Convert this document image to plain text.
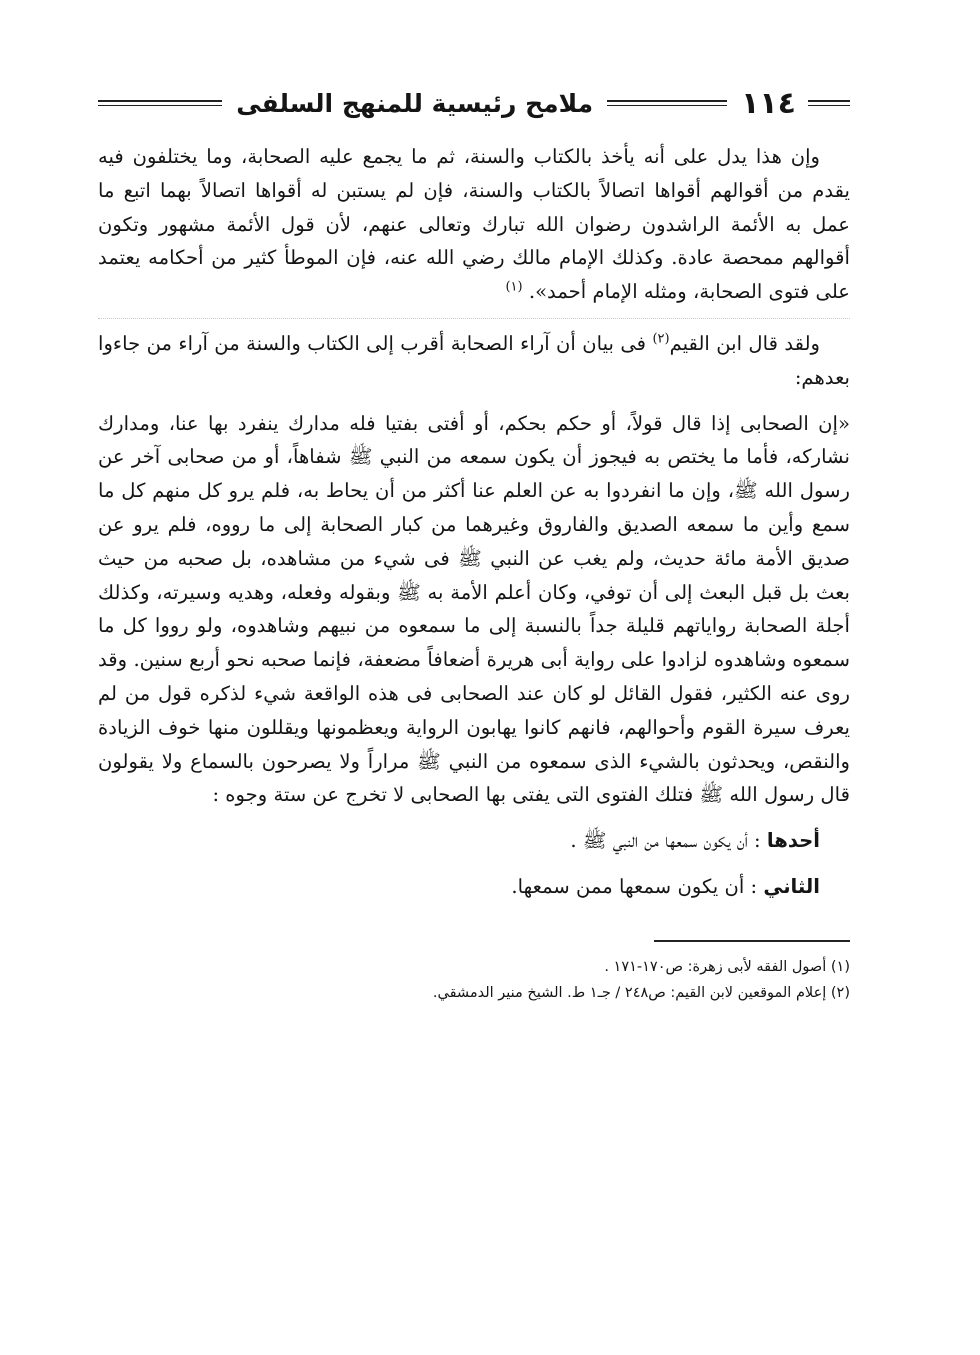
١١٤
ملامح رئيسية للمنهج السلفى

وإن هذا يدل على أنه يأخذ بالكتاب والسنة، ثم ما يجمع عليه الصحابة، وما يختلفون فيه يقدم من أقوالهم أقواها اتصالاً بالكتاب والسنة، فإن لم يستبن له أقواها اتصالاً بهما اتبع ما عمل به الأئمة الراشدون رضوان الله تبارك وتعالى عنهم، لأن قول الأئمة مشهور وتكون أقوالهم ممحصة عادة. وكذلك الإمام مالك رضي الله عنه، فإن الموطأ كثير من أحكامه يعتمد على فتوى الصحابة، ومثله الإمام أحمد». $^{(١)}$

ولقد قال ابن القيم$^{(٢)}$ فى بيان أن آراء الصحابة أقرب إلى الكتاب والسنة من آراء من جاءوا بعدهم:

«إن الصحابى إذا قال قولاً، أو حكم بحكم، أو أفتى بفتيا فله مدارك ينفرد بها عنا، ومدارك نشاركه، فأما ما يختص به فيجوز أن يكون سمعه من النبي ﷺ شفاهاً، أو من صحابى آخر عن رسول الله ﷺ، وإن ما انفردوا به عن العلم عنا أكثر من أن يحاط به، فلم يرو كل منهم كل ما سمع وأين ما سمعه الصديق والفاروق وغيرهما من كبار الصحابة إلى ما رووه، فلم يرو عن صديق الأمة مائة حديث، ولم يغب عن النبي ﷺ فى شيء من مشاهده، بل صحبه من حيث بعث بل قبل البعث إلى أن توفي، وكان أعلم الأمة به ﷺ وبقوله وفعله، وهديه وسيرته، وكذلك أجلة الصحابة رواياتهم قليلة جداً بالنسبة إلى ما سمعوه من نبيهم وشاهدوه، ولو رووا كل ما سمعوه وشاهدوه لزادوا على رواية أبى هريرة أضعافاً مضعفة، فإنما صحبه نحو أربع سنين. وقد روى عنه الكثير، فقول القائل لو كان عند الصحابى فى هذه الواقعة شيء لذكره قول من لم يعرف سيرة القوم وأحوالهم، فانهم كانوا يهابون الرواية ويعظمونها ويقللون منها خوف الزيادة والنقص، ويحدثون بالشيء الذى سمعوه من النبي ﷺ مراراً ولا يصرحون بالسماع ولا يقولون قال رسول الله ﷺ فتلك الفتوى التى يفتى بها الصحابى لا تخرج عن ستة وجوه :

أحدها : أن يكون سمعها من النبي ﷺ .

الثاني : أن يكون سمعها ممن سمعها.

(١) أصول الفقه لأبى زهرة: ص١٧٠-١٧١ .

(٢) إعلام الموقعين لابن القيم: ص٢٤٨ / جـ١ ط. الشيخ منير الدمشقي.
